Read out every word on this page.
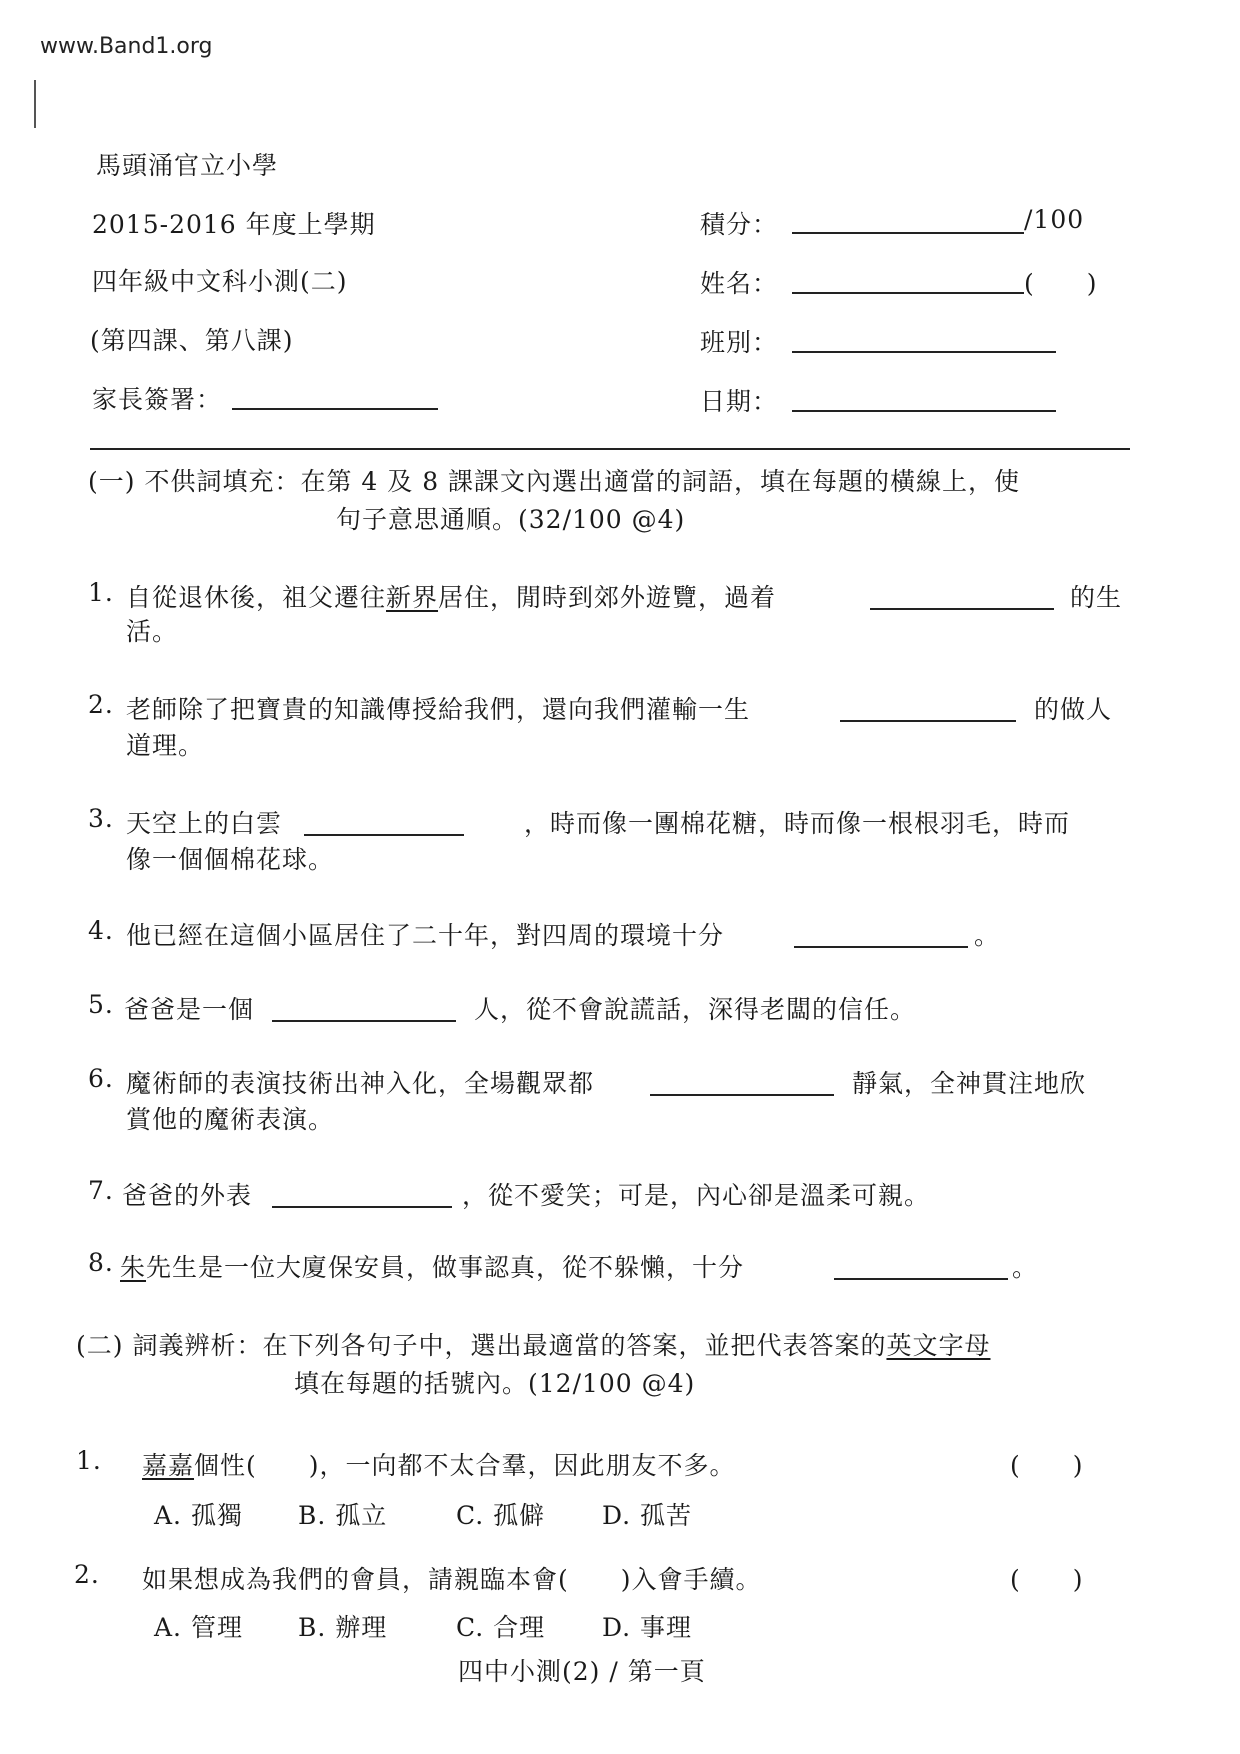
www.Band1.org
馬頭涌官立小學
2015-2016 年度上學期
四年級中文科小測(二)
(第四課、第八課)
家長簽署：
積分：	/100
姓名：	(　　)
班別：
日期：
(一) 不供詞填充：在第 4 及 8 課課文內選出適當的詞語，填在每題的橫線上，使
句子意思通順。(32/100 @4)
1. 自從退休後，祖父遷往新界居住，閒時到郊外遊覽，過着	的生
活。
2. 老師除了把寶貴的知識傳授給我們，還向我們灌輸一生	的做人
道理。
3. 天空上的白雲	，時而像一團棉花糖，時而像一根根羽毛，時而
像一個個棉花球。
4. 他已經在這個小區居住了二十年，對四周的環境十分	。
5. 爸爸是一個	人，從不會說謊話，深得老闆的信任。
6. 魔術師的表演技術出神入化，全場觀眾都	靜氣，全神貫注地欣
賞他的魔術表演。
7. 爸爸的外表	，從不愛笑；可是，內心卻是溫柔可親。
8. 朱先生是一位大廈保安員，做事認真，從不躲懶，十分	。
(二) 詞義辨析：在下列各句子中，選出最適當的答案，並把代表答案的英文字母
填在每題的括號內。(12/100 @4)
1. 嘉嘉個性(　　)，一向都不太合羣，因此朋友不多。	(　　)
A. 孤獨 B. 孤立	C. 孤僻 D. 孤苦
2. 如果想成為我們的會員，請親臨本會(　　)入會手續。	(　　)
A. 管理 B. 辦理	C. 合理 D. 事理
四中小測(2) / 第一頁
